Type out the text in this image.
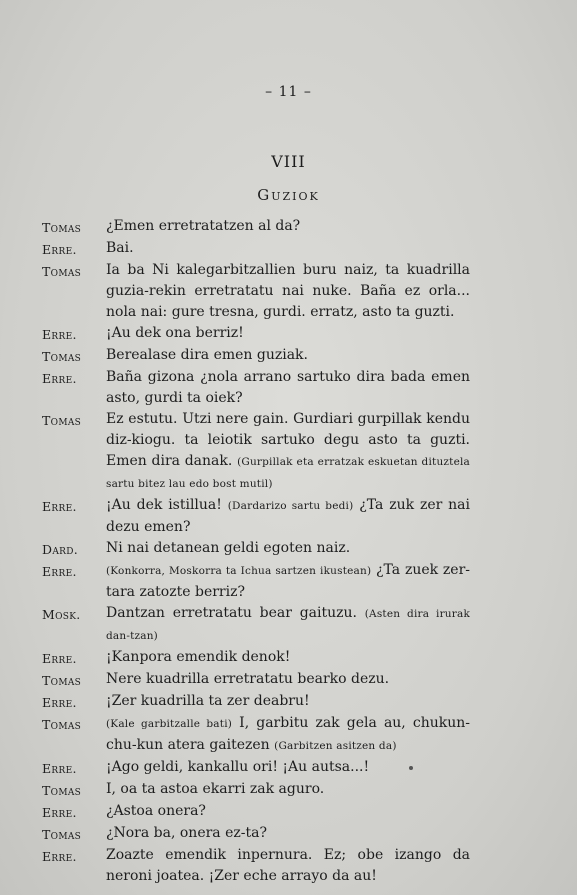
– 11 –
VIII
Guziok
Tomas	¿Emen erretratatzen al da?
Erre.	Bai.
Tomas	Ia ba Ni kalegarbitzallien buru naiz, ta kuadrilla guzia-rekin erretratatu nai nuke. Baña ez orla... nola nai: gure tresna, gurdi. erratz, asto ta guzti.
Erre.	¡Au dek ona berriz!
Tomas	Berealase dira emen guziak.
Erre.	Baña gizona ¿nola arrano sartuko dira bada emen asto, gurdi ta oiek?
Tomas	Ez estutu. Utzi nere gain. Gurdiari gurpillak kendu diz-kiogu. ta leiotik sartuko degu asto ta guzti. Emen dira danak. (Gurpillak eta erratzak eskuetan dituztela sartu bitez lau edo bost mutil)
Erre.	¡Au dek istillua! (Dardarizo sartu bedi) ¿Ta zuk zer nai dezu emen?
Dard.	Ni nai detanean geldi egoten naiz.
Erre.	(Konkorra, Moskorra ta Ichua sartzen ikustean) ¿Ta zuek zer-tara zatozte berriz?
Mosk.	Dantzan erretratatu bear gaituzu. (Asten dira irurak dan-tzan)
Erre.	¡Kanpora emendik denok!
Tomas	Nere kuadrilla erretratatu bearko dezu.
Erre.	¡Zer kuadrilla ta zer deabru!
Tomas	(Kale garbitzalle bati) I, garbitu zak gela au, chukun-chu-kun atera gaitezen (Garbitzen asitzen da)
Erre.	¡Ago geldi, kankallu ori! ¡Au autsa...!
Tomas	I, oa ta astoa ekarri zak aguro.
Erre.	¿Astoa onera?
Tomas	¿Nora ba, onera ez-ta?
Erre.	Zoazte emendik inpernura. Ez; obe izango da neroni joatea. ¡Zer eche arrayo da au!
